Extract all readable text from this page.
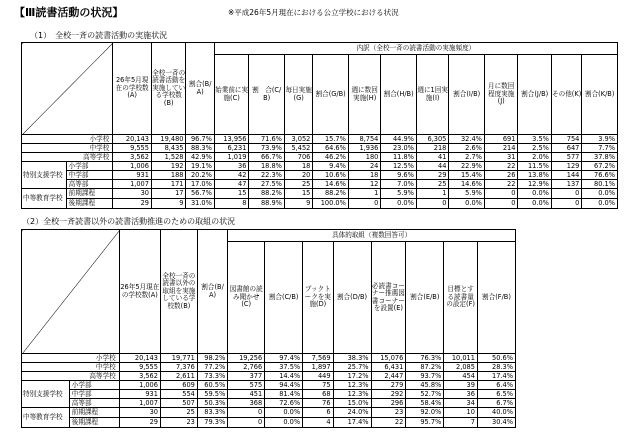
【Ⅲ読書活動の状況】	※平成26年5月現在における公立学校における状況
（1）　全校一斉の読書活動の実施状況
		26年5月現在の学校数(A)	全校一斉の読書活動を実施している学校数(B)	割合(B/A)	内訳（全校一斉の読書活動の実施頻度）											
					始業前に実施(C)	割　合(C/B)	毎日実施(G)	割合(G/B)	週に数回実施(H)	割合(H/B)	週に1回実施(I)	割合(I/B)	月に数回程度実施(J)	割合(J/B)	その他(K)	割合(K/B)
小学校		20,143	19,480	96.7%	13,956	71.6%	3,052	15.7%	8,754	44.9%	6,305	32.4%	691	3.5%	754	3.9%
中学校		9,555	8,435	88.3%	6,231	73.9%	5,452	64.6%	1,936	23.0%	218	2.6%	214	2.5%	647	7.7%
高等学校		3,562	1,528	42.9%	1,019	66.7%	706	46.2%	180	11.8%	41	2.7%	31	2.0%	577	37.8%
特別支援学校	小学部	1,006	192	19.1%	36	18.8%	18	9.4%	24	12.5%	44	22.9%	22	11.5%	129	67.2%
	中学部	931	188	20.2%	42	22.3%	20	10.6%	18	9.6%	29	15.4%	26	13.8%	144	76.6%
	高等部	1,007	171	17.0%	47	27.5%	25	14.6%	12	7.0%	25	14.6%	22	12.9%	137	80.1%
中等教育学校	前期課程	30	17	56.7%	15	88.2%	15	88.2%	1	5.9%	1	5.9%	0	0.0%	0	0.0%
	後期課程	29	9	31.0%	8	88.9%	9	100.0%	0	0.0%	0	0.0%	0	0.0%	0	0.0%
（2）全校一斉読書以外の読書活動推進のための取組の状況
		26年5月現在の学校数(A)	全校一斉の読書以外の取組を実施している学校数(B)	割合(B/A)	具体的取組（複数回答可）							
					図書館の読み聞かせ(C)	割合(C/B)	ブックトークを実施(D)	割合(D/B)	必読書コーナー推薦図書コーナーを設置(E)	割合(E/B)	目標とする読書量の設定(F)	割合(F/B)
小学校		20,143	19,771	98.2%	19,256	97.4%	7,569	38.3%	15,076	76.3%	10,011	50.6%
中学校		9,555	7,376	77.2%	2,766	37.5%	1,897	25.7%	6,431	87.2%	2,085	28.3%
高等学校		3,562	2,611	73.3%	377	14.4%	449	17.2%	2,447	93.7%	454	17.4%
特別支援学校	小学部	1,006	609	60.5%	575	94.4%	75	12.3%	279	45.8%	39	6.4%
	中学部	931	554	59.5%	451	81.4%	68	12.3%	292	52.7%	36	6.5%
	高等部	1,007	507	50.3%	368	72.6%	76	15.0%	296	58.4%	34	6.7%
中等教育学校	前期課程	30	25	83.3%	0	0.0%	6	24.0%	23	92.0%	10	40.0%
	後期課程	29	23	79.3%	0	0.0%	4	17.4%	22	95.7%	7	30.4%
